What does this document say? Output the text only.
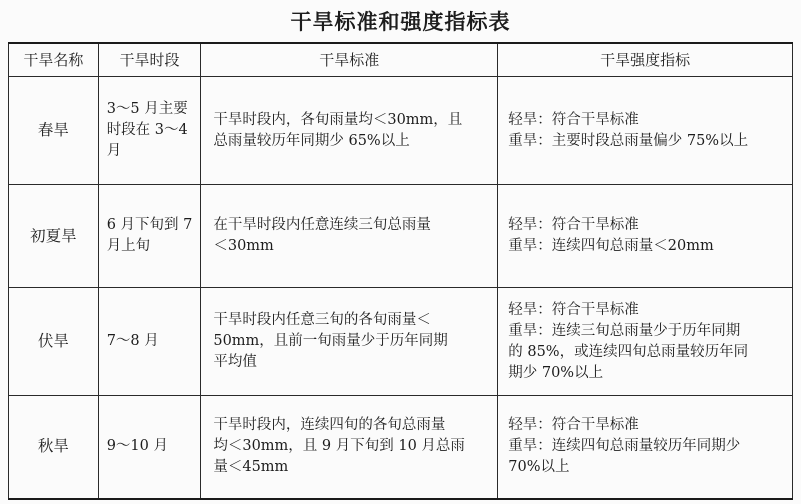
干旱标准和强度指标表
干旱名称	干旱时段	干旱标准	干旱强度指标
春旱	3～5 月主要
时段在 3～4
月	干旱时段内，各旬雨量均＜30mm，且
总雨量较历年同期少 65%以上	轻旱：符合干旱标准
重旱：主要时段总雨量偏少 75%以上

初夏旱	6 月下旬到 7
月上旬	在干旱时段内任意连续三旬总雨量
＜30mm	轻旱：符合干旱标准
重旱：连续四旬总雨量＜20mm

伏旱	7～8 月	干旱时段内任意三旬的各旬雨量＜
50mm，且前一旬雨量少于历年同期
平均值	轻旱：符合干旱标准
重旱：连续三旬总雨量少于历年同期
的 85%，或连续四旬总雨量较历年同
期少 70%以上

秋旱	9～10 月	干旱时段内，连续四旬的各旬总雨量
均＜30mm，且 9 月下旬到 10 月总雨
量＜45mm	轻旱：符合干旱标准
重旱：连续四旬总雨量较历年同期少
70%以上
